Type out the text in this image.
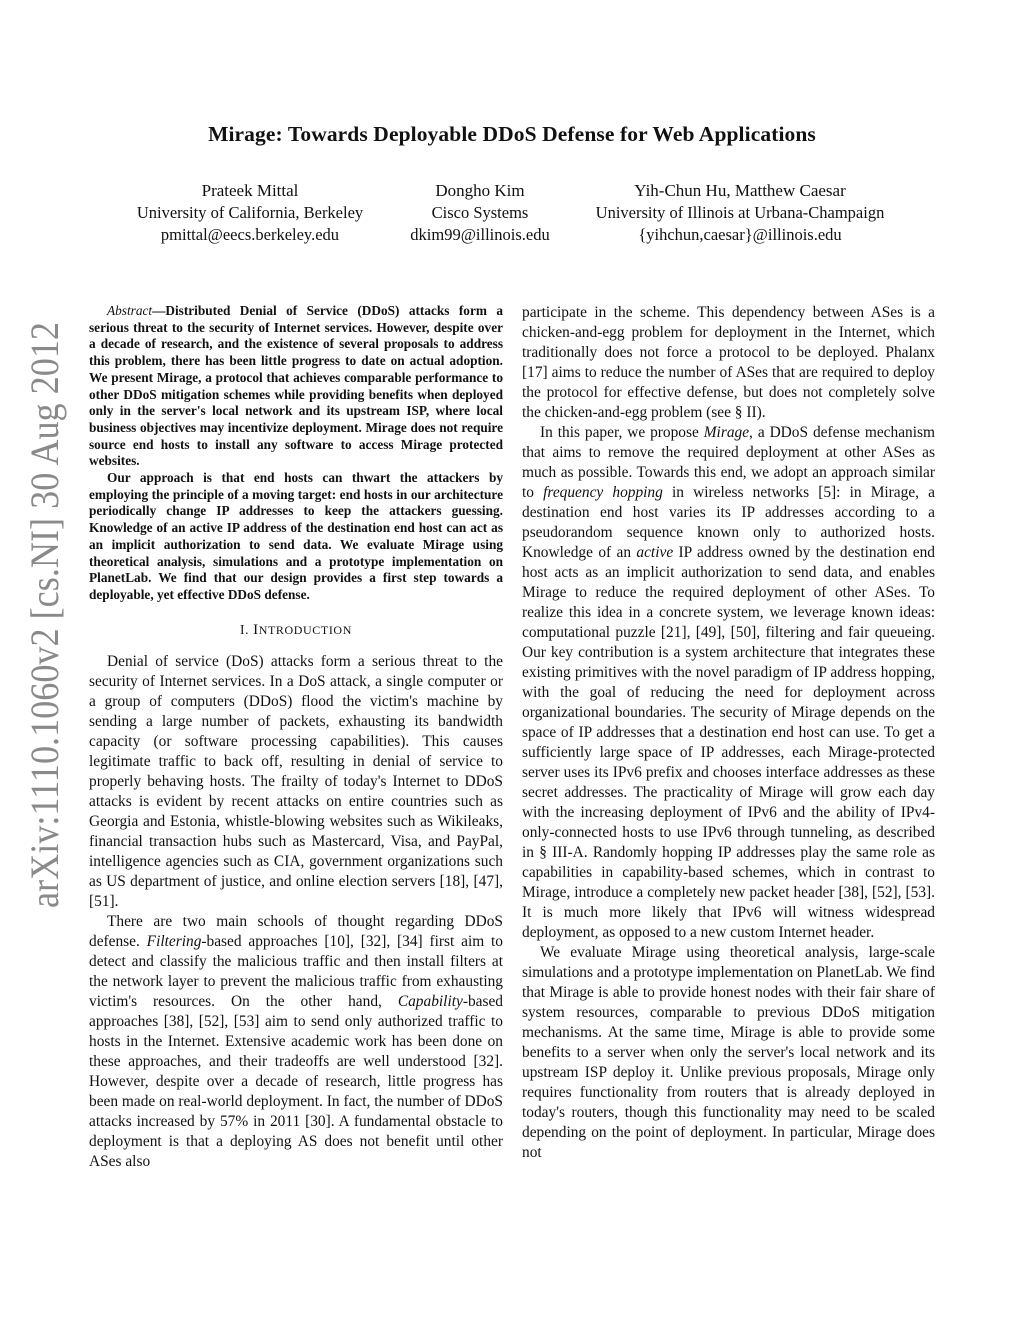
arXiv:1110.1060v2 [cs.NI] 30 Aug 2012
Mirage: Towards Deployable DDoS Defense for Web Applications
Prateek Mittal
University of California, Berkeley
pmittal@eecs.berkeley.edu
Dongho Kim
Cisco Systems
dkim99@illinois.edu
Yih-Chun Hu, Matthew Caesar
University of Illinois at Urbana-Champaign
{yihchun,caesar}@illinois.edu

Abstract—Distributed Denial of Service (DDoS) attacks form a serious threat to the security of Internet services. However, despite over a decade of research, and the existence of several proposals to address this problem, there has been little progress to date on actual adoption. We present Mirage, a protocol that achieves comparable performance to other DDoS mitigation schemes while providing benefits when deployed only in the server's local network and its upstream ISP, where local business objectives may incentivize deployment. Mirage does not require source end hosts to install any software to access Mirage protected websites.

Our approach is that end hosts can thwart the attackers by employing the principle of a moving target: end hosts in our architecture periodically change IP addresses to keep the attackers guessing. Knowledge of an active IP address of the destination end host can act as an implicit authorization to send data. We evaluate Mirage using theoretical analysis, simulations and a prototype implementation on PlanetLab. We find that our design provides a first step towards a deployable, yet effective DDoS defense.

I. INTRODUCTION

Denial of service (DoS) attacks form a serious threat to the security of Internet services. In a DoS attack, a single computer or a group of computers (DDoS) flood the victim's machine by sending a large number of packets, exhausting its bandwidth capacity (or software processing capabilities). This causes legitimate traffic to back off, resulting in denial of service to properly behaving hosts. The frailty of today's Internet to DDoS attacks is evident by recent attacks on entire countries such as Georgia and Estonia, whistle-blowing websites such as Wikileaks, financial transaction hubs such as Mastercard, Visa, and PayPal, intelligence agencies such as CIA, government organizations such as US department of justice, and online election servers [18], [47], [51].

There are two main schools of thought regarding DDoS defense. Filtering-based approaches [10], [32], [34] first aim to detect and classify the malicious traffic and then install filters at the network layer to prevent the malicious traffic from exhausting victim's resources. On the other hand, Capability-based approaches [38], [52], [53] aim to send only authorized traffic to hosts in the Internet. Extensive academic work has been done on these approaches, and their tradeoffs are well understood [32]. However, despite over a decade of research, little progress has been made on real-world deployment. In fact, the number of DDoS attacks increased by 57% in 2011 [30]. A fundamental obstacle to deployment is that a deploying AS does not benefit until other ASes also

participate in the scheme. This dependency between ASes is a chicken-and-egg problem for deployment in the Internet, which traditionally does not force a protocol to be deployed. Phalanx [17] aims to reduce the number of ASes that are required to deploy the protocol for effective defense, but does not completely solve the chicken-and-egg problem (see § II).

In this paper, we propose Mirage, a DDoS defense mechanism that aims to remove the required deployment at other ASes as much as possible. Towards this end, we adopt an approach similar to frequency hopping in wireless networks [5]: in Mirage, a destination end host varies its IP addresses according to a pseudorandom sequence known only to authorized hosts. Knowledge of an active IP address owned by the destination end host acts as an implicit authorization to send data, and enables Mirage to reduce the required deployment of other ASes. To realize this idea in a concrete system, we leverage known ideas: computational puzzle [21], [49], [50], filtering and fair queueing. Our key contribution is a system architecture that integrates these existing primitives with the novel paradigm of IP address hopping, with the goal of reducing the need for deployment across organizational boundaries. The security of Mirage depends on the space of IP addresses that a destination end host can use. To get a sufficiently large space of IP addresses, each Mirage-protected server uses its IPv6 prefix and chooses interface addresses as these secret addresses. The practicality of Mirage will grow each day with the increasing deployment of IPv6 and the ability of IPv4-only-connected hosts to use IPv6 through tunneling, as described in § III-A. Randomly hopping IP addresses play the same role as capabilities in capability-based schemes, which in contrast to Mirage, introduce a completely new packet header [38], [52], [53]. It is much more likely that IPv6 will witness widespread deployment, as opposed to a new custom Internet header.

We evaluate Mirage using theoretical analysis, large-scale simulations and a prototype implementation on PlanetLab. We find that Mirage is able to provide honest nodes with their fair share of system resources, comparable to previous DDoS mitigation mechanisms. At the same time, Mirage is able to provide some benefits to a server when only the server's local network and its upstream ISP deploy it. Unlike previous proposals, Mirage only requires functionality from routers that is already deployed in today's routers, though this functionality may need to be scaled depending on the point of deployment. In particular, Mirage does not
